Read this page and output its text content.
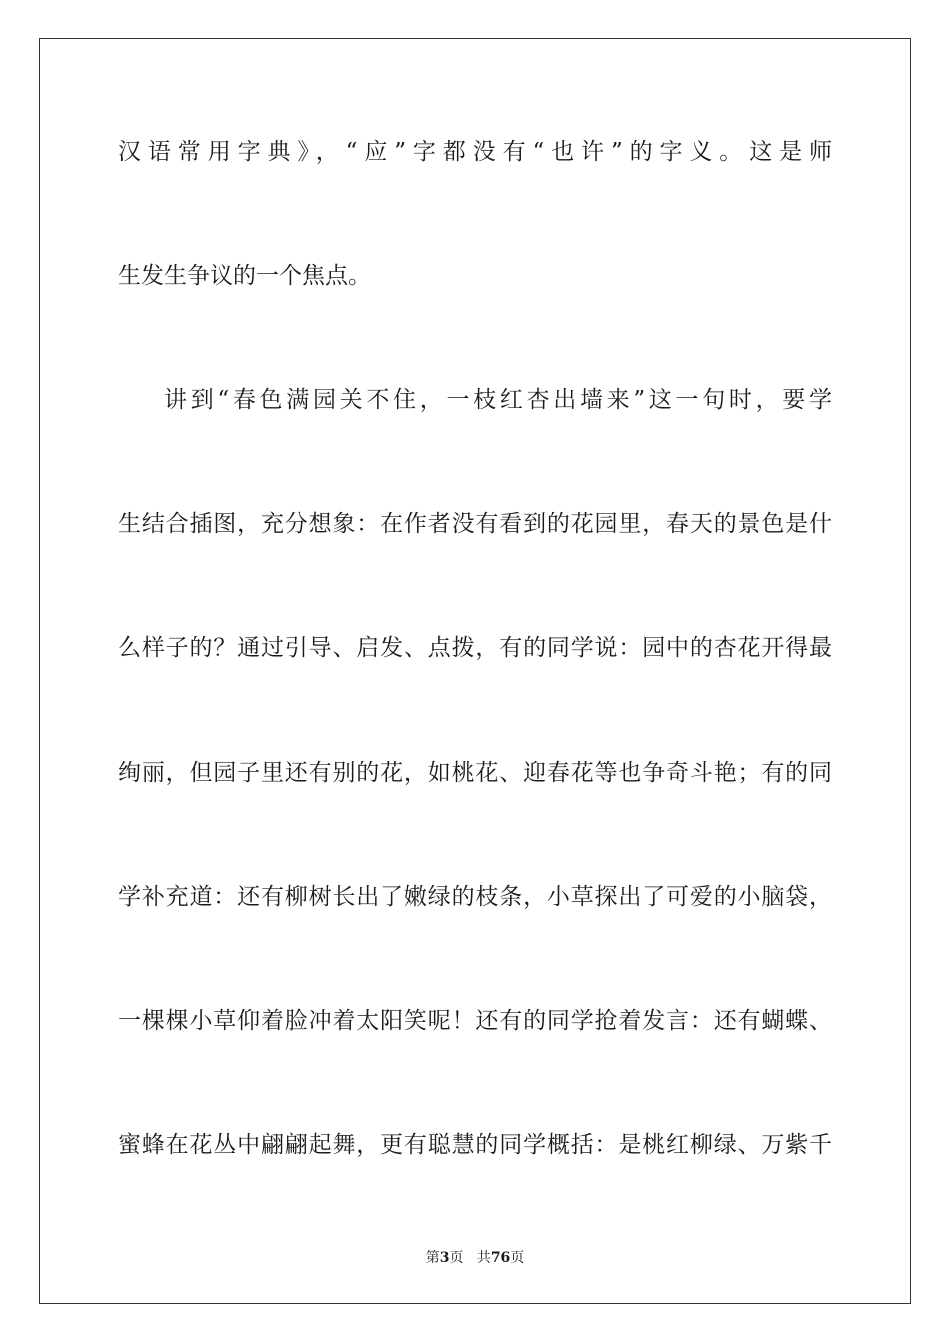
汉语常用字典》，“应”字都没有“也许”的字义。这是师
生发生争议的一个焦点。
讲到“春色满园关不住，一枝红杏出墙来”这一句时，要学
生结合插图，充分想象：在作者没有看到的花园里，春天的景色是什
么样子的？通过引导、启发、点拨，有的同学说：园中的杏花开得最
绚丽，但园子里还有别的花，如桃花、迎春花等也争奇斗艳；有的同
学补充道：还有柳树长出了嫩绿的枝条，小草探出了可爱的小脑袋，
一棵棵小草仰着脸冲着太阳笑呢！还有的同学抢着发言：还有蝴蝶、
蜜蜂在花丛中翩翩起舞，更有聪慧的同学概括：是桃红柳绿、万紫千
第3页 共76页
